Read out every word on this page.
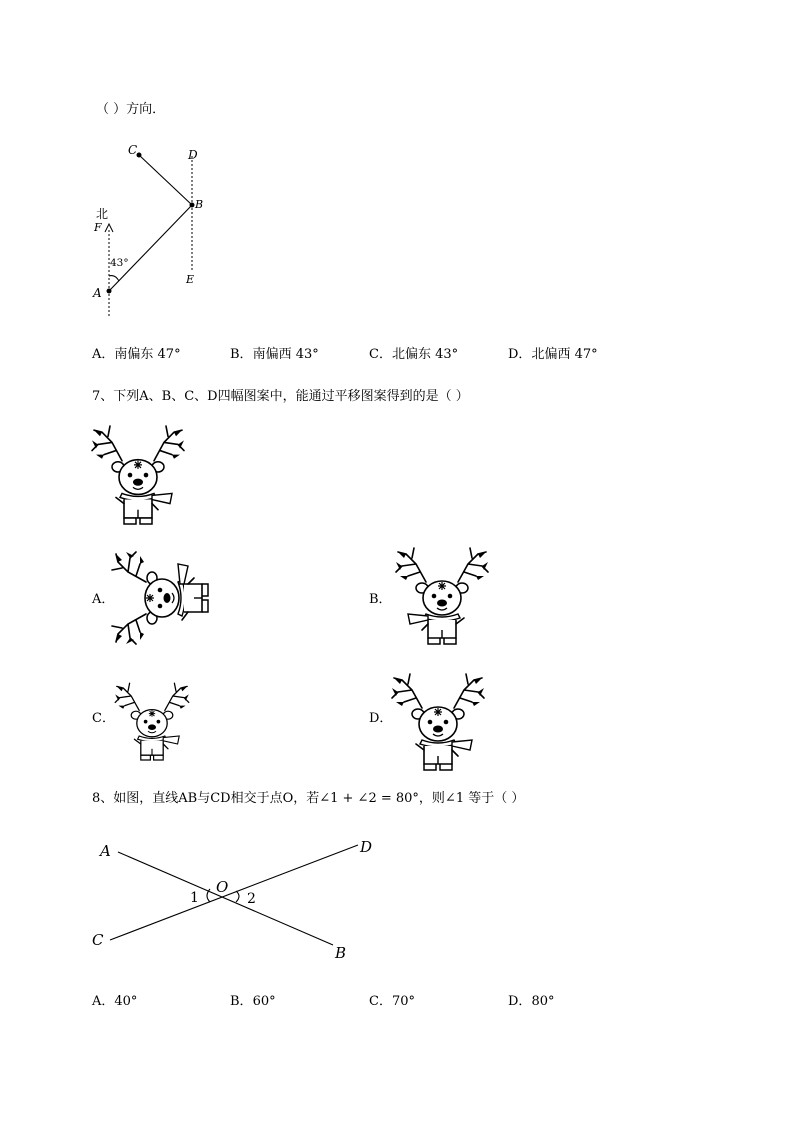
（ ）方向．
C	D
B
北
F
43°
A
E
A．南偏东 47°	B．南偏西 43°	C．北偏东 43°	D．北偏西 47°
7、下列A、B、C、D四幅图案中，能通过平移图案得到的是（ ）
A．	B．
C．	D．
8、如图，直线AB与CD相交于点O，若∠1 + ∠2 = 80°，则∠1 等于（ ）
A	D
O
1	2
C
B
A．40°	B．60°	C．70°	D．80°
